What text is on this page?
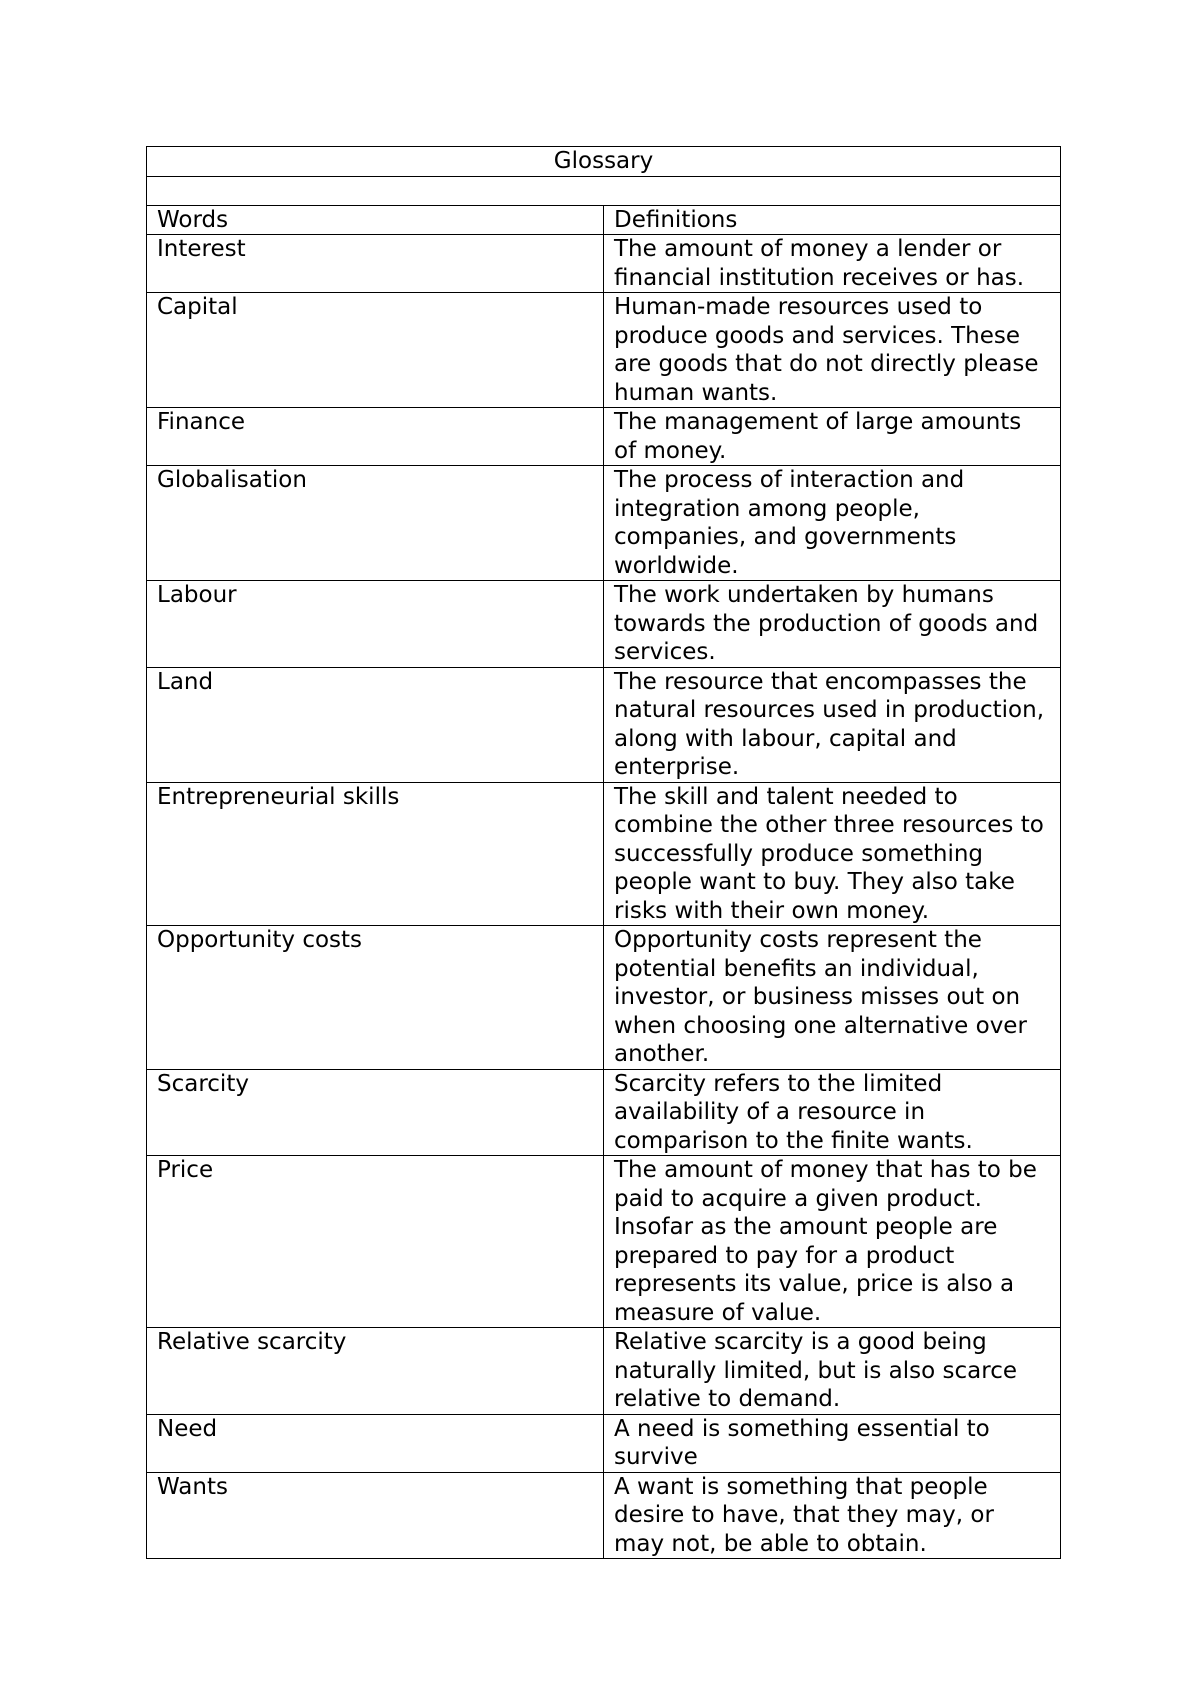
Glossary	

Words	Definitions
Interest	The amount of money a lender or financial institution receives or has.
Capital	Human-made resources used to produce goods and services. These are goods that do not directly please human wants.
Finance	The management of large amounts of money.
Globalisation	The process of interaction and integration among people, companies, and governments worldwide.
Labour	The work undertaken by humans towards the production of goods and services.
Land	The resource that encompasses the natural resources used in production, along with labour, capital and enterprise.
Entrepreneurial skills	The skill and talent needed to combine the other three resources to successfully produce something people want to buy. They also take risks with their own money.
Opportunity costs	Opportunity costs represent the potential benefits an individual, investor, or business misses out on when choosing one alternative over another.
Scarcity	Scarcity refers to the limited availability of a resource in comparison to the finite wants.
Price	The amount of money that has to be paid to acquire a given product. Insofar as the amount people are prepared to pay for a product represents its value, price is also a measure of value.
Relative scarcity	Relative scarcity is a good being naturally limited, but is also scarce relative to demand.
Need	A need is something essential to survive
Wants	A want is something that people desire to have, that they may, or may not, be able to obtain.
